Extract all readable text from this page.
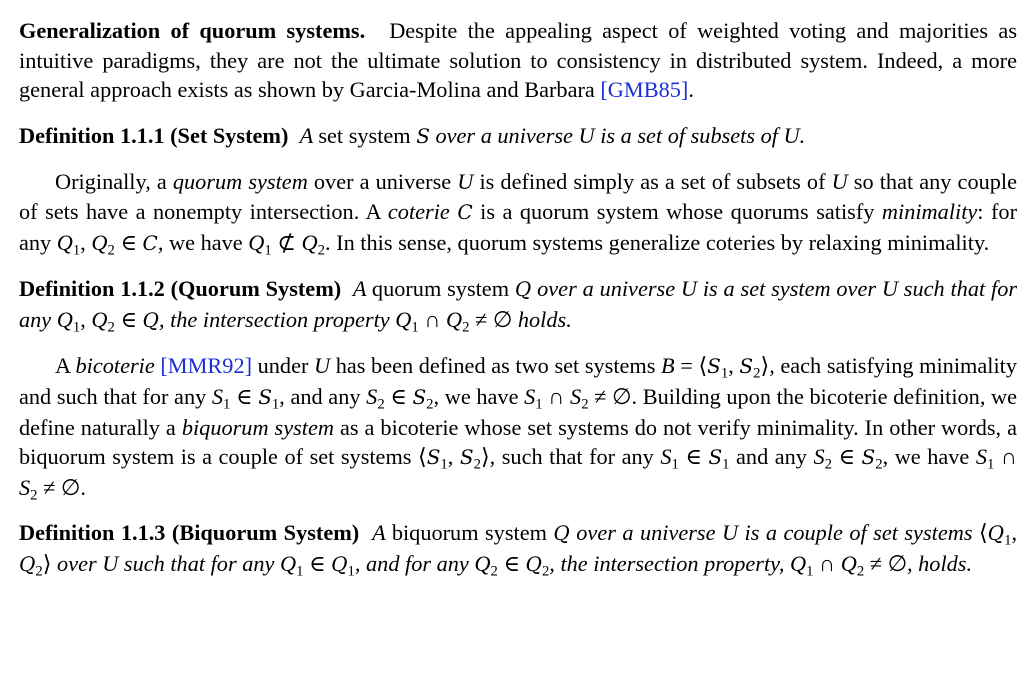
Generalization of quorum systems. Despite the appealing aspect of weighted voting and majorities as intuitive paradigms, they are not the ultimate solution to consistency in distributed system. Indeed, a more general approach exists as shown by Garcia-Molina and Barbara [GMB85].

Definition 1.1.1 (Set System) A set system S over a universe U is a set of subsets of U.

Originally, a quorum system over a universe U is defined simply as a set of subsets of U so that any couple of sets have a nonempty intersection. A coterie C is a quorum system whose quorums satisfy minimality: for any $Q_1$, $Q_2$ ∈ C, we have $Q_1$ ⊄ $Q_2$. In this sense, quorum systems generalize coteries by relaxing minimality.

Definition 1.1.2 (Quorum System) A quorum system Q over a universe U is a set system over U such that for any $Q_1$, $Q_2$ ∈ Q, the intersection property $Q_1$ ∩ $Q_2$ ≠ ∅ holds.

A bicoterie [MMR92] under U has been defined as two set systems $B = ⟨S_1$, $S_2⟩$, each satisfying minimality and such that for any $S_1$ ∈ $S_1$, and any $S_2$ ∈ $S_2$, we have $S_1$ ∩ $S_2$ ≠ ∅. Building upon the bicoterie definition, we define naturally a biquorum system as a bicoterie whose set systems do not verify minimality. In other words, a biquorum system is a couple of set systems $⟨S_1$, $S_2⟩$, such that for any $S_1$ ∈ $S_1$ and any $S_2$ ∈ $S_2$, we have $S_1$ ∩ $S_2$ ≠ ∅.

Definition 1.1.3 (Biquorum System) A biquorum system Q over a universe U is a couple of set systems $⟨Q_1$, $Q_2⟩$ over U such that for any $Q_1$ ∈ $Q_1$, and for any $Q_2$ ∈ $Q_2$, the intersection property, $Q_1$ ∩ $Q_2$ ≠ ∅, holds.
